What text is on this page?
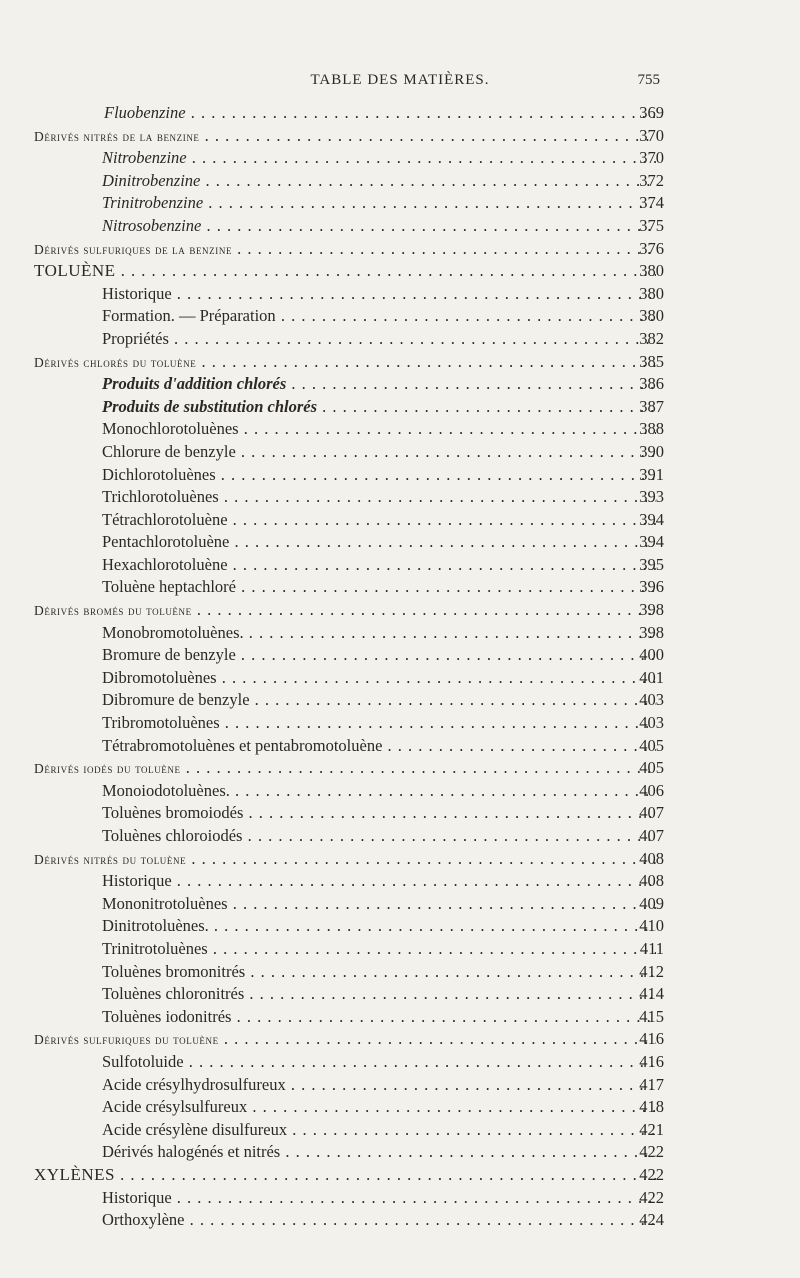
TABLE DES MATIÈRES.	755
Fluobenzine . . .	369
Dérivés nitrés de la benzine . . .	370
Nitrobenzine . . .	370
Dinitrobenzine . . .	372
Trinitrobenzine . . .	374
Nitrosobenzine . . .	375
Dérivés sulfuriques de la benzine . . .	376
TOLUÈNE . . .	380
Historique . . .	380
Formation. — Préparation . . .	380
Propriétés . . .	382
Dérivés chlorés du toluène . . .	385
Produits d'addition chlorés . . .	386
Produits de substitution chlorés . . .	387
Monochlorotoluènes . . .	388
Chlorure de benzyle . . .	390
Dichlorotoluènes . . .	391
Trichlorotoluènes . . .	393
Tétrachlorotoluène . . .	394
Pentachlorotoluène . . .	394
Hexachlorotoluène . . .	395
Toluène heptachloré . . .	396
Dérivés bromés du toluène . . .	398
Monobromotoluènes. . . .	398
Bromure de benzyle . . .	400
Dibromotoluènes . . .	401
Dibromure de benzyle . . .	403
Tribromotoluènes . . .	403
Tétrabromotoluènes et pentabromotoluène . . .	405
Dérivés iodés du toluène . . .	405
Monoiodotoluènes. . . .	406
Toluènes bromoiodés . . .	407
Toluènes chloroiodés . . .	407
Dérivés nitrés du toluène . . .	408
Historique . . .	408
Mononitrotoluènes . . .	409
Dinitrotoluènes. . . .	410
Trinitrotoluènes . . .	411
Toluènes bromonitrés . . .	412
Toluènes chloronitrés . . .	414
Toluènes iodonitrés . . .	415
Dérivés sulfuriques du toluène . . .	416
Sulfotoluide . . .	416
Acide crésylhydrosulfureux . . .	417
Acide crésylsulfureux . . .	418
Acide crésylène disulfureux . . .	421
Dérivés halogénés et nitrés . . .	422
XYLÈNES . . .	422
Historique . . .	422
Orthoxylène . . .	424
